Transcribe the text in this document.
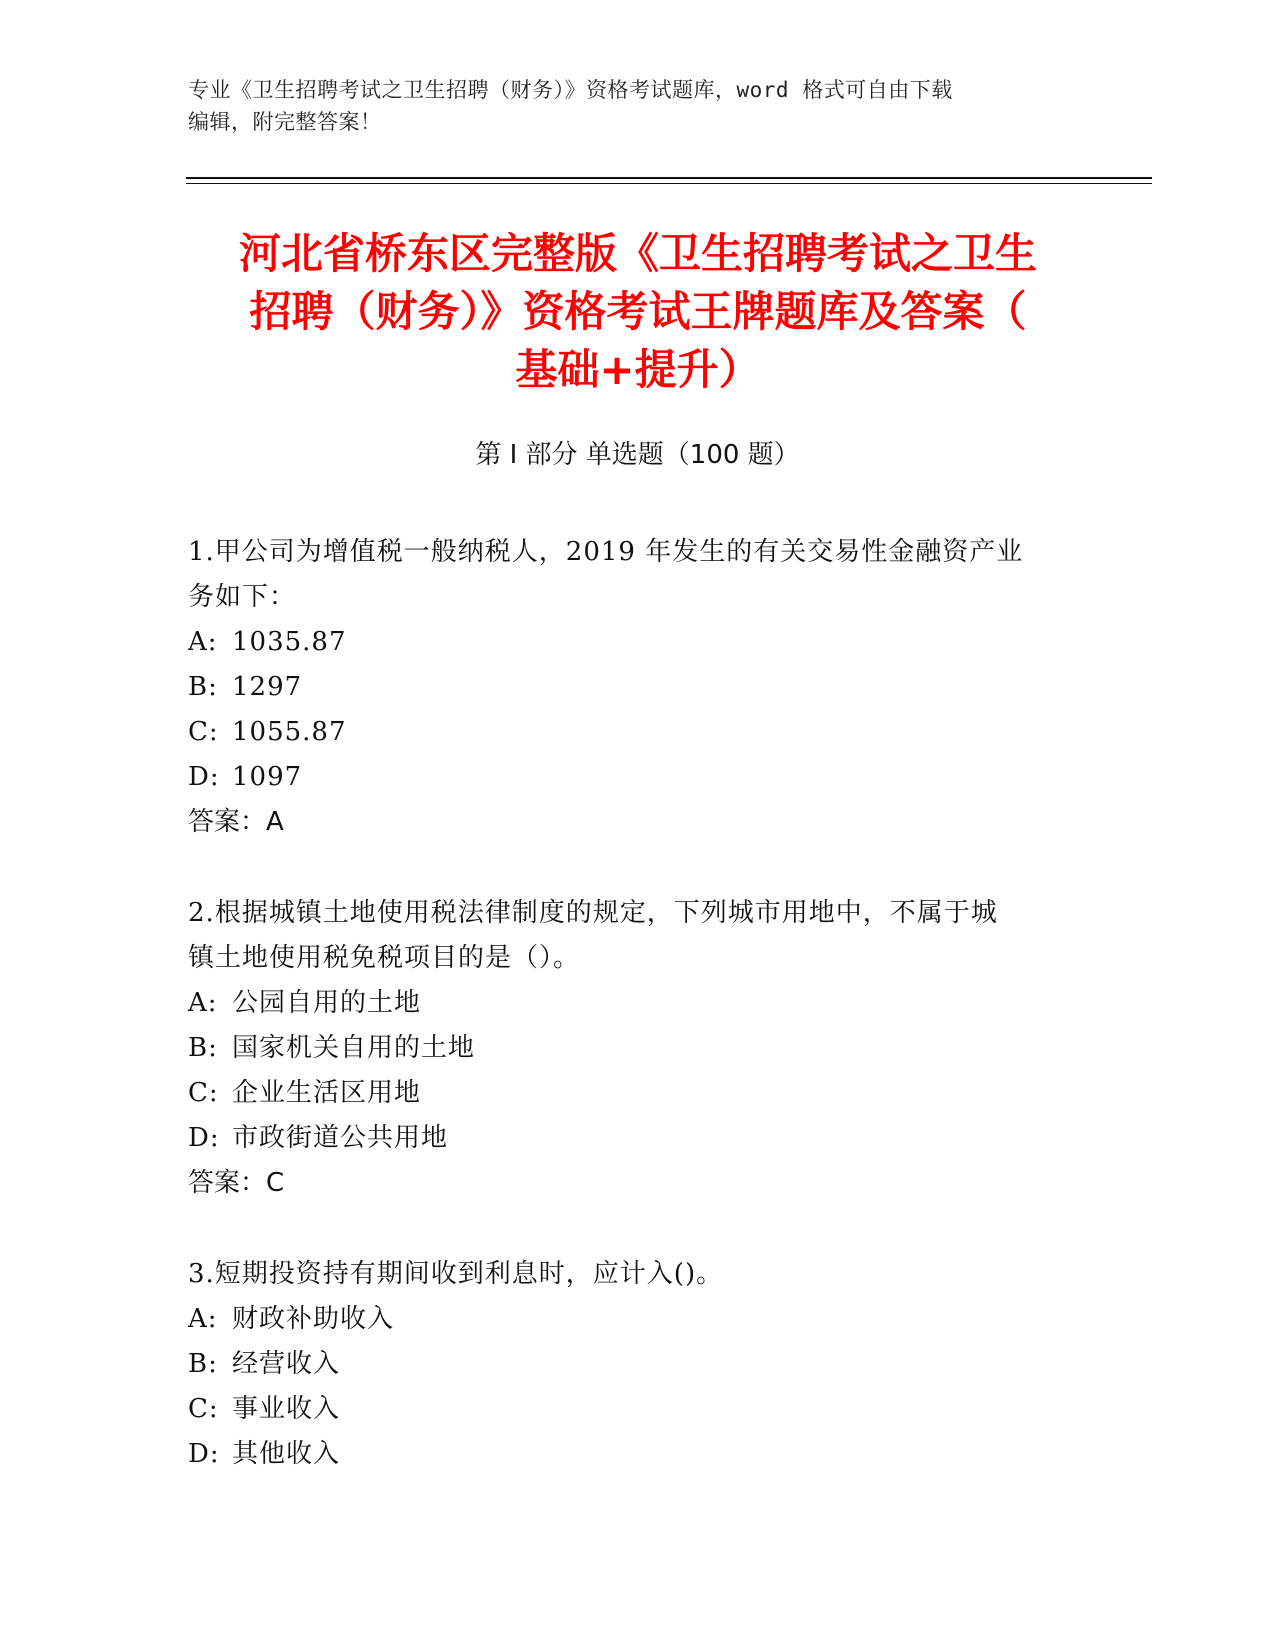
专业《卫生招聘考试之卫生招聘（财务）》资格考试题库，word 格式可自由下载
编辑，附完整答案！
河北省桥东区完整版《卫生招聘考试之卫生
招聘（财务）》资格考试王牌题库及答案（
基础+提升）
第 I 部分 单选题（100 题）

1.甲公司为增值税一般纳税人，2019 年发生的有关交易性金融资产业

务如下：

A: 1035.87

B: 1297

C: 1055.87

D: 1097

答案：A

2.根据城镇土地使用税法律制度的规定，下列城市用地中，不属于城

镇土地使用税免税项目的是（）。

A: 公园自用的土地

B: 国家机关自用的土地

C: 企业生活区用地

D: 市政街道公共用地

答案：C

3.短期投资持有期间收到利息时，应计入()。

A: 财政补助收入

B: 经营收入

C: 事业收入

D: 其他收入
